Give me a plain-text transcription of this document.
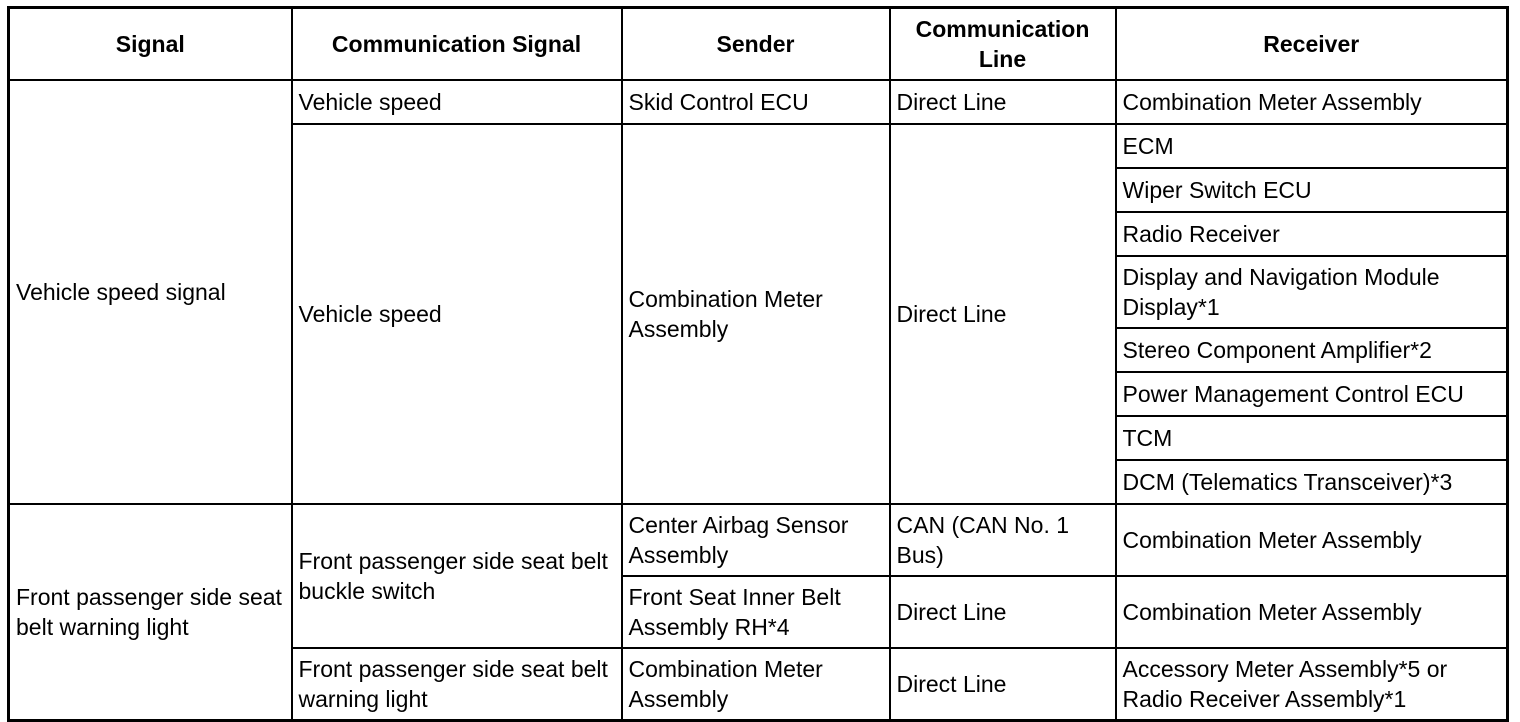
Signal	Communication Signal	Sender	Communication Line	Receiver
Vehicle speed signal	Vehicle speed	Skid Control ECU	Direct Line	Combination Meter Assembly
	Vehicle speed	Combination Meter Assembly	Direct Line	ECM
				Wiper Switch ECU
				Radio Receiver
				Display and Navigation Module Display*1
				Stereo Component Amplifier*2
				Power Management Control ECU
				TCM
				DCM (Telematics Transceiver)*3
Front passenger side seat belt warning light	Front passenger side seat belt buckle switch	Center Airbag Sensor Assembly	CAN (CAN No. 1 Bus)	Combination Meter Assembly
		Front Seat Inner Belt Assembly RH*4	Direct Line	Combination Meter Assembly
	Front passenger side seat belt warning light	Combination Meter Assembly	Direct Line	Accessory Meter Assembly*5 or Radio Receiver Assembly*1
